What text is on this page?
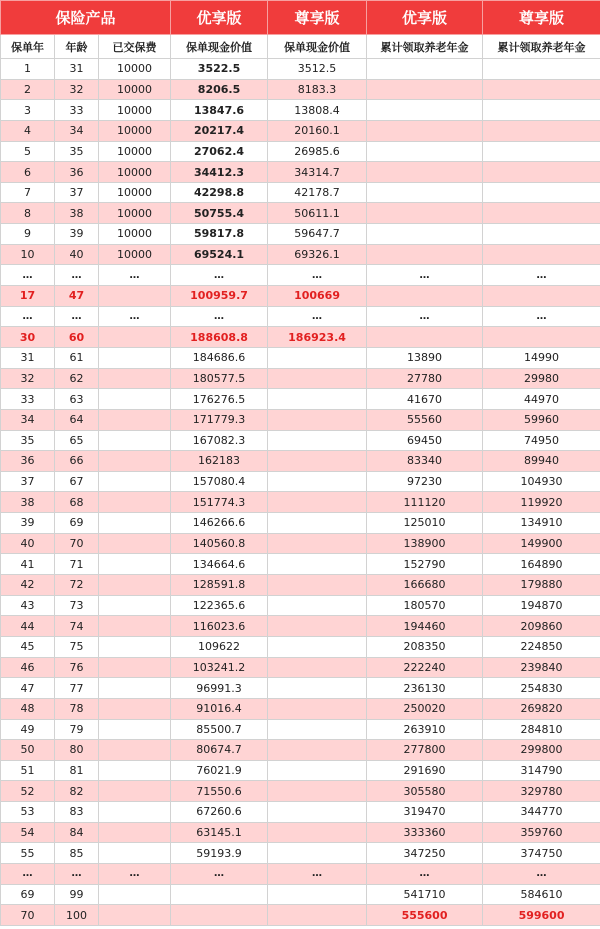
保险产品			优享版	尊享版	优享版	尊享版
保单年	年龄	已交保费	保单现金价值	保单现金价值	累计领取养老年金	累计领取养老年金
1	31	10000	3522.5	3512.5		
2	32	10000	8206.5	8183.3		
3	33	10000	13847.6	13808.4		
4	34	10000	20217.4	20160.1		
5	35	10000	27062.4	26985.6		
6	36	10000	34412.3	34314.7		
7	37	10000	42298.8	42178.7		
8	38	10000	50755.4	50611.1		
9	39	10000	59817.8	59647.7		
10	40	10000	69524.1	69326.1		
…	…	…	…	…	…	…
17	47		100959.7	100669		
…	…	…	…	…	…	…
30	60		188608.8	186923.4		
31	61		184686.6		13890	14990
32	62		180577.5		27780	29980
33	63		176276.5		41670	44970
34	64		171779.3		55560	59960
35	65		167082.3		69450	74950
36	66		162183		83340	89940
37	67		157080.4		97230	104930
38	68		151774.3		111120	119920
39	69		146266.6		125010	134910
40	70		140560.8		138900	149900
41	71		134664.6		152790	164890
42	72		128591.8		166680	179880
43	73		122365.6		180570	194870
44	74		116023.6		194460	209860
45	75		109622		208350	224850
46	76		103241.2		222240	239840
47	77		96991.3		236130	254830
48	78		91016.4		250020	269820
49	79		85500.7		263910	284810
50	80		80674.7		277800	299800
51	81		76021.9		291690	314790
52	82		71550.6		305580	329780
53	83		67260.6		319470	344770
54	84		63145.1		333360	359760
55	85		59193.9		347250	374750
…	…	…	…	…	…	…
69	99				541710	584610
70	100				555600	599600
